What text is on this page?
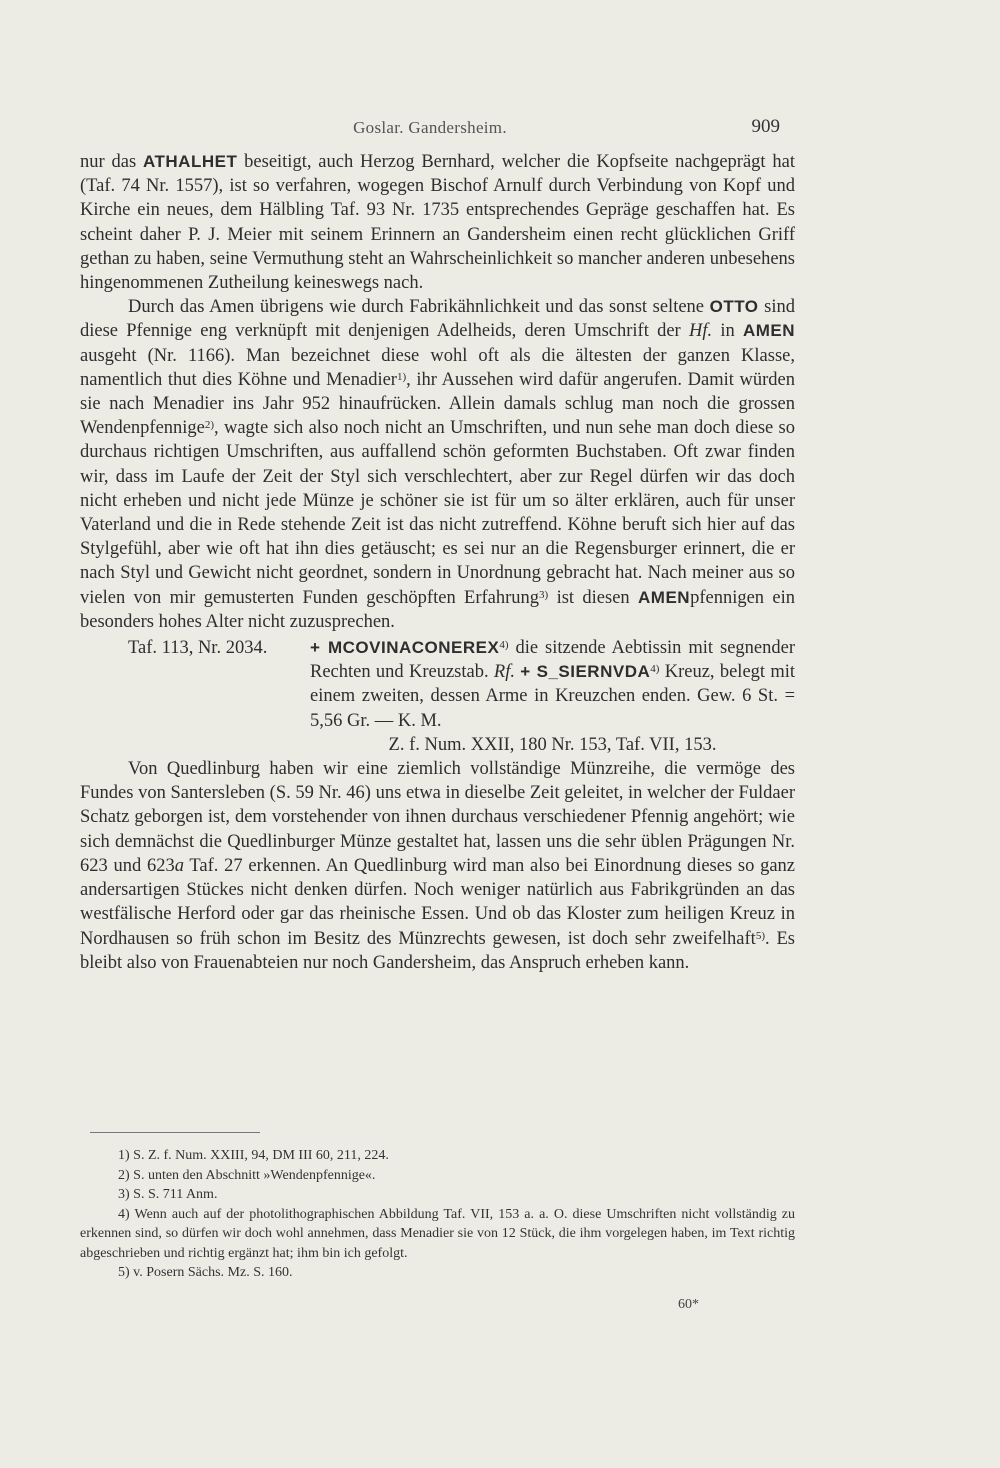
Goslar. Gandersheim.	909

nur das ATHALHET beseitigt, auch Herzog Bernhard, welcher die Kopfseite nachgeprägt hat (Taf. 74 Nr. 1557), ist so verfahren, wogegen Bischof Arnulf durch Verbindung von Kopf und Kirche ein neues, dem Hälbling Taf. 93 Nr. 1735 entsprechendes Gepräge geschaffen hat. Es scheint daher P. J. Meier mit seinem Erinnern an Gandersheim einen recht glücklichen Griff gethan zu haben, seine Vermuthung steht an Wahrscheinlichkeit so mancher anderen unbesehens hingenommenen Zutheilung keineswegs nach.

Durch das Amen übrigens wie durch Fabrikähnlichkeit und das sonst seltene OTTO sind diese Pfennige eng verknüpft mit denjenigen Adelheids, deren Umschrift der Hf. in AMEN ausgeht (Nr. 1166). Man bezeichnet diese wohl oft als die ältesten der ganzen Klasse, namentlich thut dies Köhne und Menadier$^{1)}$, ihr Aussehen wird dafür angerufen. Damit würden sie nach Menadier ins Jahr 952 hinaufrücken. Allein damals schlug man noch die grossen Wendenpfennige$^{2)}$, wagte sich also noch nicht an Umschriften, und nun sehe man doch diese so durchaus richtigen Umschriften, aus auffallend schön geformten Buchstaben. Oft zwar finden wir, dass im Laufe der Zeit der Styl sich verschlechtert, aber zur Regel dürfen wir das doch nicht erheben und nicht jede Münze je schöner sie ist für um so älter erklären, auch für unser Vaterland und die in Rede stehende Zeit ist das nicht zutreffend. Köhne beruft sich hier auf das Stylgefühl, aber wie oft hat ihn dies getäuscht; es sei nur an die Regensburger erinnert, die er nach Styl und Gewicht nicht geordnet, sondern in Unordnung gebracht hat. Nach meiner aus so vielen von mir gemusterten Funden geschöpften Erfahrung$^{3)}$ ist diesen AMENpfennigen ein besonders hohes Alter nicht zuzusprechen.

Taf. 113, Nr. 2034.	+ MCOVINACONEREX$^{4)}$ die sitzende Aebtissin mit segnender Rechten und Kreuzstab. Rf. + S_SIERNVDA$^{4)}$ Kreuz, belegt mit einem zweiten, dessen Arme in Kreuzchen enden. Gew. 6 St. = 5,56 Gr. — K. M.
Z. f. Num. XXII, 180 Nr. 153, Taf. VII, 153.

Von Quedlinburg haben wir eine ziemlich vollständige Münzreihe, die vermöge des Fundes von Santersleben (S. 59 Nr. 46) uns etwa in dieselbe Zeit geleitet, in welcher der Fuldaer Schatz geborgen ist, dem vorstehender von ihnen durchaus verschiedener Pfennig angehört; wie sich demnächst die Quedlinburger Münze gestaltet hat, lassen uns die sehr üblen Prägungen Nr. 623 und 623a Taf. 27 erkennen. An Quedlinburg wird man also bei Einordnung dieses so ganz andersartigen Stückes nicht denken dürfen. Noch weniger natürlich aus Fabrikgründen an das westfälische Herford oder gar das rheinische Essen. Und ob das Kloster zum heiligen Kreuz in Nordhausen so früh schon im Besitz des Münzrechts gewesen, ist doch sehr zweifelhaft$^{5)}$. Es bleibt also von Frauenabteien nur noch Gandersheim, das Anspruch erheben kann.

1) S. Z. f. Num. XXIII, 94, DM III 60, 211, 224.

2) S. unten den Abschnitt »Wendenpfennige«.

3) S. S. 711 Anm.

4) Wenn auch auf der photolithographischen Abbildung Taf. VII, 153 a. a. O. diese Umschriften nicht vollständig zu erkennen sind, so dürfen wir doch wohl annehmen, dass Menadier sie von 12 Stück, die ihm vorgelegen haben, im Text richtig abgeschrieben und richtig ergänzt hat; ihm bin ich gefolgt.

5) v. Posern Sächs. Mz. S. 160.

60*
